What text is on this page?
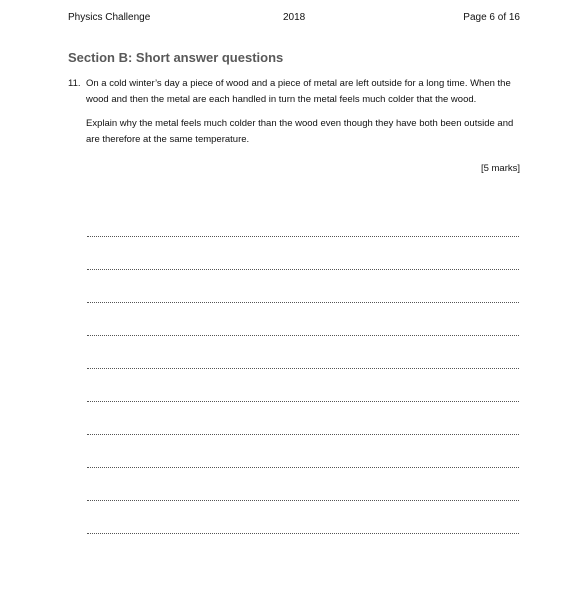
Physics Challenge	2018	Page 6 of 16
Section B: Short answer questions
11. On a cold winter’s day a piece of wood and a piece of metal are left outside for a long time. When the wood and then the metal are each handled in turn the metal feels much colder that the wood.

Explain why the metal feels much colder than the wood even though they have both been outside and are therefore at the same temperature.

[5 marks]
